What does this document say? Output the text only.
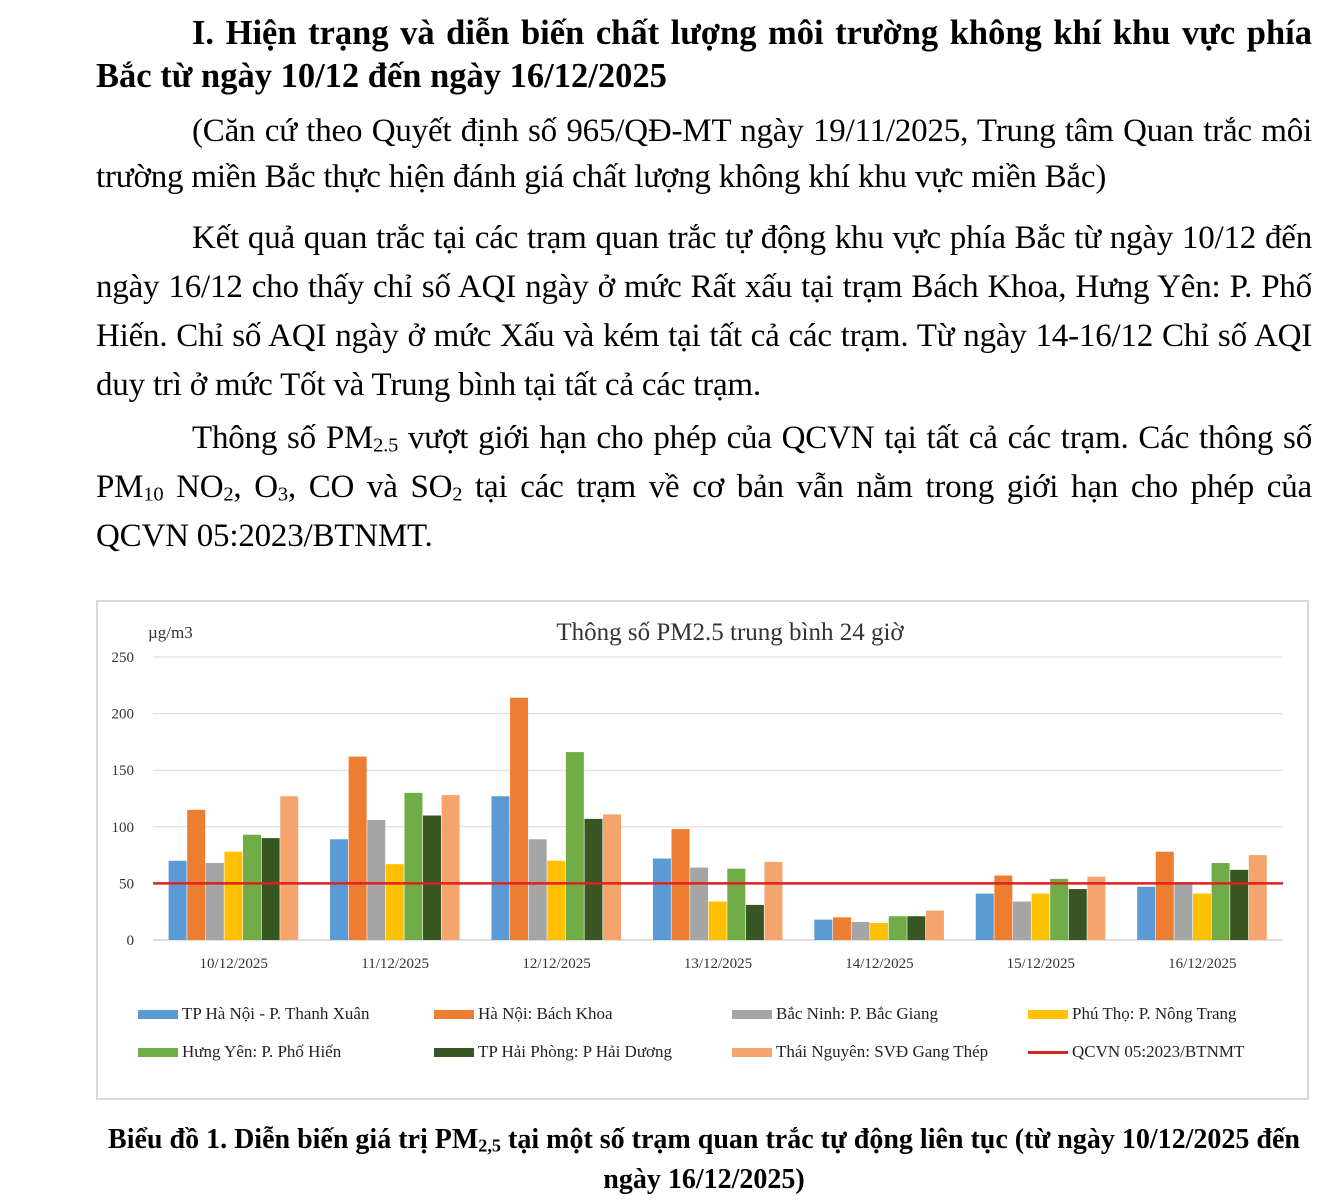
I. Hiện trạng và diễn biến chất lượng môi trường không khí khu vực phía Bắc từ ngày 10/12 đến ngày 16/12/2025

(Căn cứ theo Quyết định số 965/QĐ-MT ngày 19/11/2025, Trung tâm Quan trắc môi trường miền Bắc thực hiện đánh giá chất lượng không khí khu vực miền Bắc)

Kết quả quan trắc tại các trạm quan trắc tự động khu vực phía Bắc từ ngày 10/12 đến ngày 16/12 cho thấy chỉ số AQI ngày ở mức Rất xấu tại trạm Bách Khoa, Hưng Yên: P. Phố Hiến. Chỉ số AQI ngày ở mức Xấu và kém tại tất cả các trạm. Từ ngày 14-16/12 Chỉ số AQI duy trì ở mức Tốt và Trung bình tại tất cả các trạm.

Thông số $PM_{2.5}$ vượt giới hạn cho phép của QCVN tại tất cả các trạm. Các thông số $PM_{10}$ $NO_2$, $O_3$, CO và $SO_2$ tại các trạm về cơ bản vẫn nằm trong giới hạn cho phép của QCVN 05:2023/BTNMT.

0
50
100
150
200
250
10/12/2025	11/12/2025	12/12/2025	13/12/2025	14/12/2025	15/12/2025	16/12/2025
Thông số PM2.5 trung bình 24 giờ
µg/m3
TP Hà Nội - P. Thanh Xuân	Hà Nội: Bách Khoa	Bắc Ninh: P. Bắc Giang	Phú Thọ: P. Nông Trang
Hưng Yên: P. Phố Hiến	TP Hải Phòng: P Hải Dương	Thái Nguyên: SVĐ Gang Thép	QCVN 05:2023/BTNMT
Biểu đồ 1. Diễn biến giá trị $PM_{2,5}$ tại một số trạm quan trắc tự động liên tục (từ ngày 10/12/2025 đến ngày 16/12/2025)
